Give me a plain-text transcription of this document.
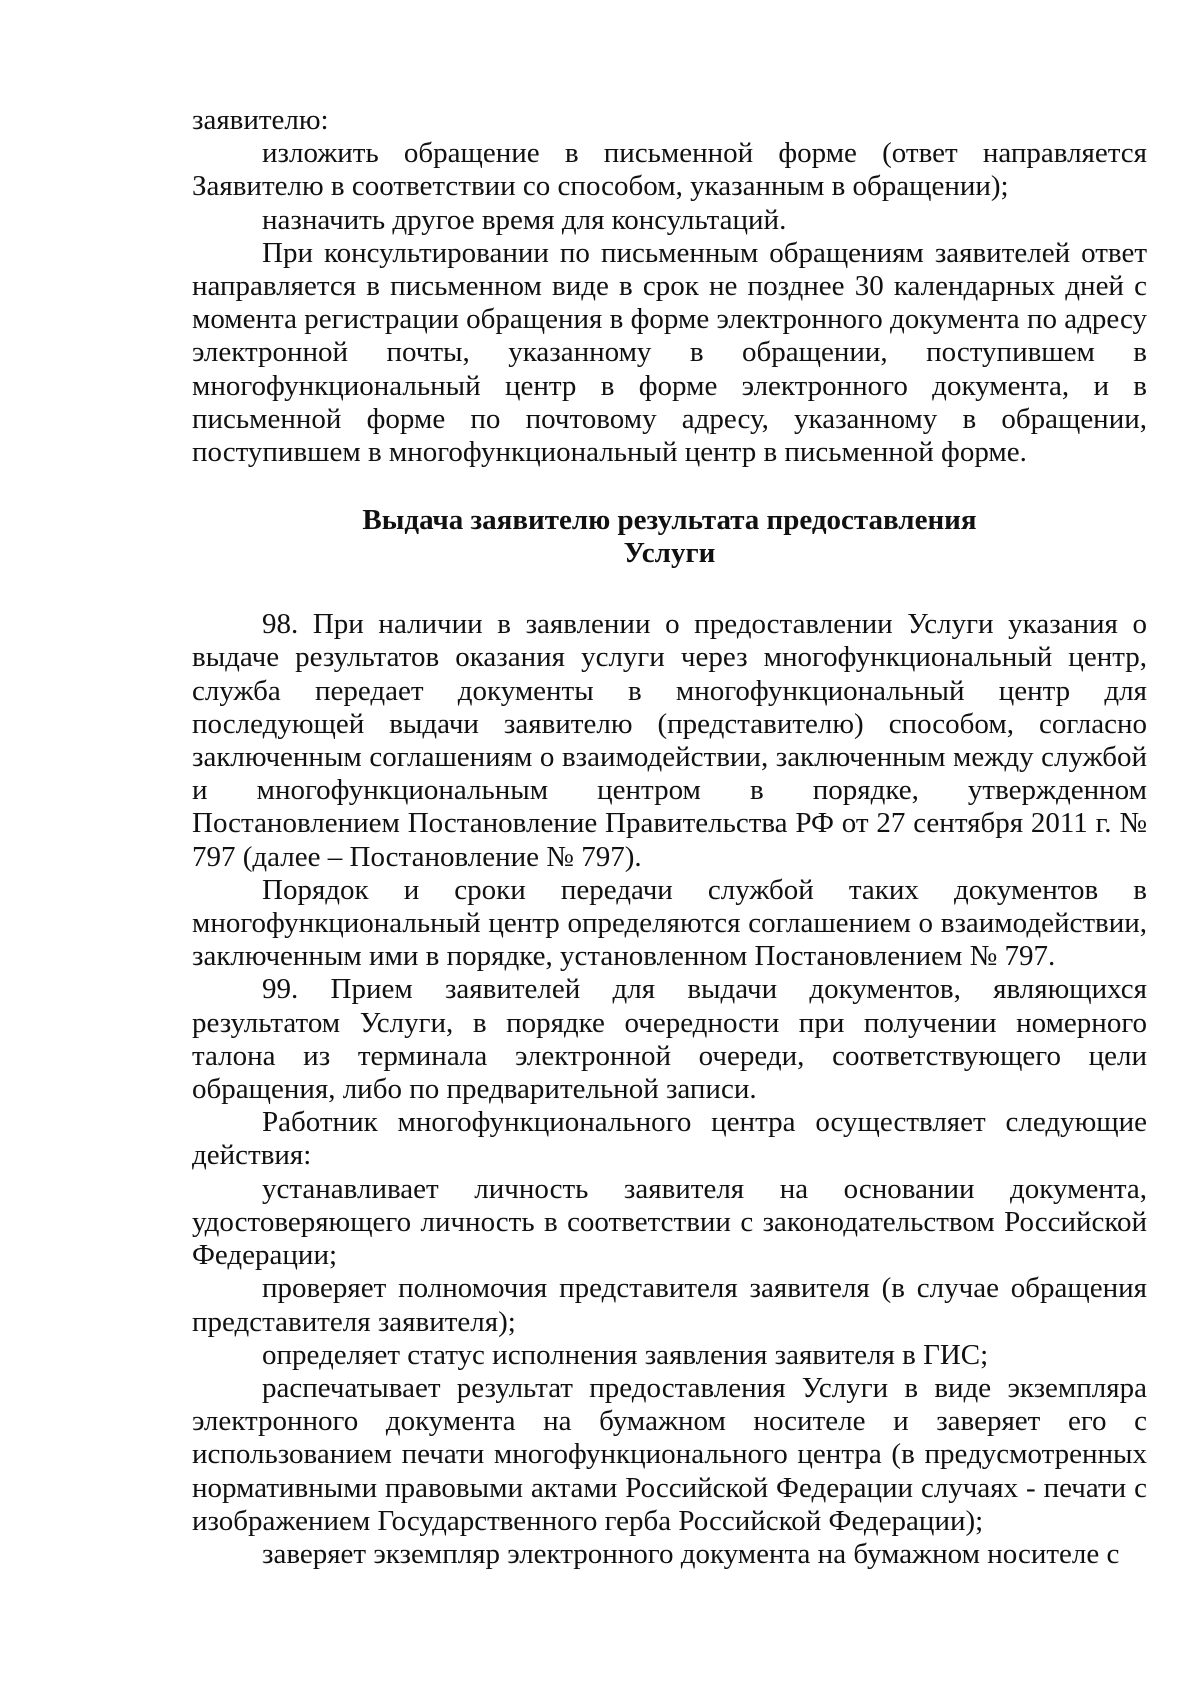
заявителю:

изложить обращение в письменной форме (ответ направляется Заявителю в соответствии со способом, указанным в обращении);

назначить другое время для консультаций.

При консультировании по письменным обращениям заявителей ответ направляется в письменном виде в срок не позднее 30 календарных дней с момента регистрации обращения в форме электронного документа по адресу электронной почты, указанному в обращении, поступившем в многофункциональный центр в форме электронного документа, и в письменной форме по почтовому адресу, указанному в обращении, поступившем в многофункциональный центр в письменной форме.

Выдача заявителю результата предоставления
Услуги

98. При наличии в заявлении о предоставлении Услуги указания о выдаче результатов оказания услуги через многофункциональный центр, служба передает документы в многофункциональный центр для последующей выдачи заявителю (представителю) способом, согласно заключенным соглашениям о взаимодействии, заключенным между службой и многофункциональным центром в порядке, утвержденном Постановлением Постановление Правительства РФ от 27 сентября 2011 г. № 797 (далее – Постановление № 797).

Порядок и сроки передачи службой таких документов в многофункциональный центр определяются соглашением о взаимодействии, заключенным ими в порядке, установленном Постановлением № 797.

99. Прием заявителей для выдачи документов, являющихся результатом Услуги, в порядке очередности при получении номерного талона из терминала электронной очереди, соответствующего цели обращения, либо по предварительной записи.

Работник многофункционального центра осуществляет следующие действия:

устанавливает личность заявителя на основании документа, удостоверяющего личность в соответствии с законодательством Российской Федерации;

проверяет полномочия представителя заявителя (в случае обращения представителя заявителя);

определяет статус исполнения заявления заявителя в ГИС;

распечатывает результат предоставления Услуги в виде экземпляра электронного документа на бумажном носителе и заверяет его с использованием печати многофункционального центра (в предусмотренных нормативными правовыми актами Российской Федерации случаях - печати с изображением Государственного герба Российской Федерации);

заверяет экземпляр электронного документа на бумажном носителе с
